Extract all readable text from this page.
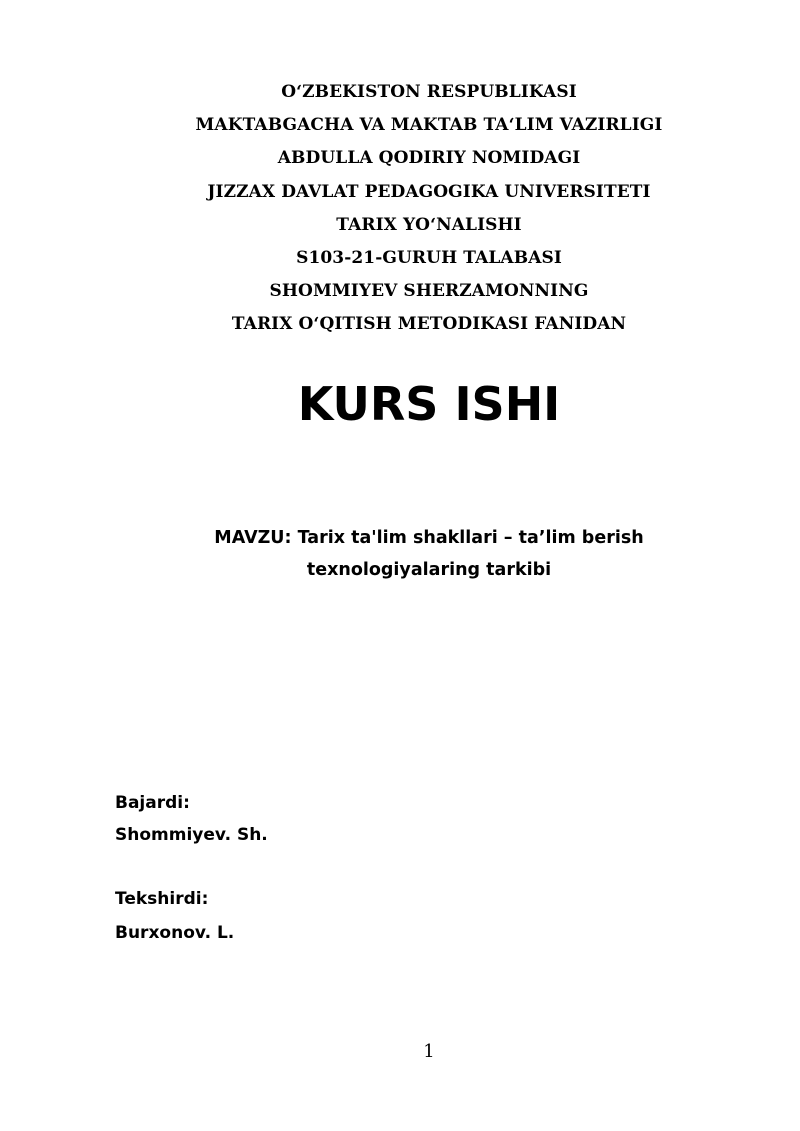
O‘ZBEKISTON RESPUBLIKASI
MAKTABGACHA VA MAKTAB TA‘LIM VAZIRLIGI
ABDULLA QODIRIY NOMIDAGI
JIZZAX DAVLAT PEDAGOGIKA UNIVERSITETI
TARIX YO‘NALISHI
S103-21-GURUH TALABASI
SHOMMIYEV SHERZAMONNING
TARIX O‘QITISH METODIKASI FANIDAN
KURS ISHI
MAVZU: Tarix ta'lim shakllari – ta’lim berish
texnologiyalaring tarkibi
Bajardi:
Shommiyev. Sh.
Tekshirdi:
Burxonov. L.
1
